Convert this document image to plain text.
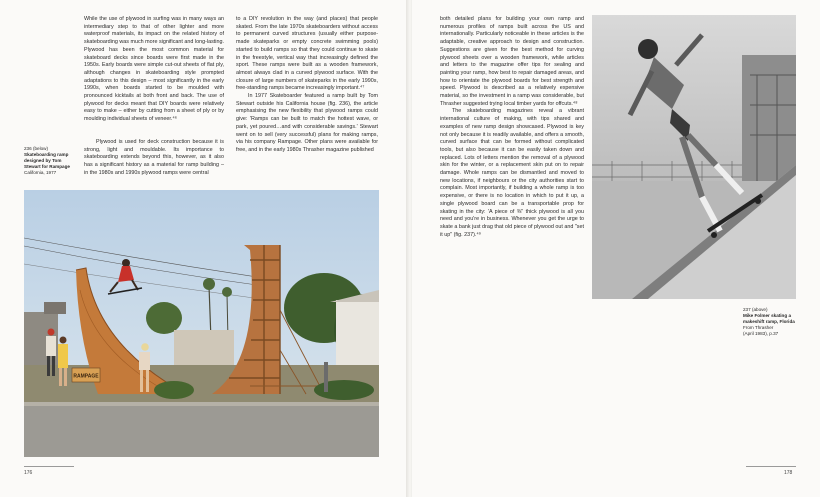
While the use of plywood in surfing was in many ways an intermediary step to that of other lighter and more waterproof materials, its impact on the related history of skateboarding was much more significant and long-lasting. Plywood has been the most common material for skateboard decks since boards were first made in the 1950s. Early boards were simple cut-out sheets of flat ply, although changes in skateboarding style prompted adaptations to this design – most significantly in the early 1990s, when boards started to be moulded with pronounced kicktails at both front and back. The use of plywood for decks meant that DIY boards were relatively easy to make – either by cutting from a sheet of ply or by moulding individual sheets of veneer.⁴⁶

Plywood is used for deck construction because it is strong, light and mouldable. Its importance to skateboarding extends beyond this, however, as it also has a significant history as a material for ramp building – in the 1980s and 1990s plywood ramps were central

to a DIY revolution in the way (and places) that people skated. From the late 1970s skateboarders without access to permanent curved structures (usually either purpose-made skateparks or empty concrete swimming pools) started to build ramps so that they could continue to skate in the freestyle, vertical way that increasingly defined the sport. These ramps were built as a wooden framework, almost always clad in a curved plywood surface. With the closure of large numbers of skateparks in the early 1990s, free-standing ramps became increasingly important.⁴⁷

In 1977 Skateboarder featured a ramp built by Tom Stewart outside his California house (fig. 236), the article emphasising the new flexibility that plywood ramps could give: 'Ramps can be built to match the hottest wave, or park, yet poured…and with considerable savings.' Stewart went on to sell (very successful) plans for making ramps, via his company Rampage. Other plans were available for free, and in the early 1980s Thrasher magazine published

236 (below)
Skateboarding ramp designed by Tom Stewart for Rampage
California, 1977
RAMPAGE
176

both detailed plans for building your own ramp and numerous profiles of ramps built across the US and internationally. Particularly noticeable in these articles is the adaptable, creative approach to design and construction. Suggestions are given for the best method for curving plywood sheets over a wooden framework, while articles and letters to the magazine offer tips for sealing and painting your ramp, how best to repair damaged areas, and how to orientate the plywood boards for best strength and speed. Plywood is described as a relatively expensive material, so the investment in a ramp was considerable, but Thrasher suggested trying local timber yards for offcuts.⁴⁸

The skateboarding magazines reveal a vibrant international culture of making, with tips shared and examples of new ramp design showcased. Plywood is key not only because it is readily available, and offers a smooth, curved surface that can be formed without complicated tools, but also because it can be easily taken down and replaced. Lots of letters mention the removal of a plywood skin for the winter, or a replacement skin put on to repair damage. Whole ramps can be dismantled and moved to new locations, if neighbours or the city authorities start to complain. Most importantly, if building a whole ramp is too expensive, or there is no location in which to put it up, a single plywood board can be a transportable prop for skating in the city: 'A piece of ⅜" thick plywood is all you need and you're in business. Whenever you get the urge to skate a bank just drag that old piece of plywood out and "set it up" (fig. 237).⁴⁹

237 (above)
Mike Folmer skating a makeshift ramp, Florida
From Thrasher
(April 1983), p.37
178
